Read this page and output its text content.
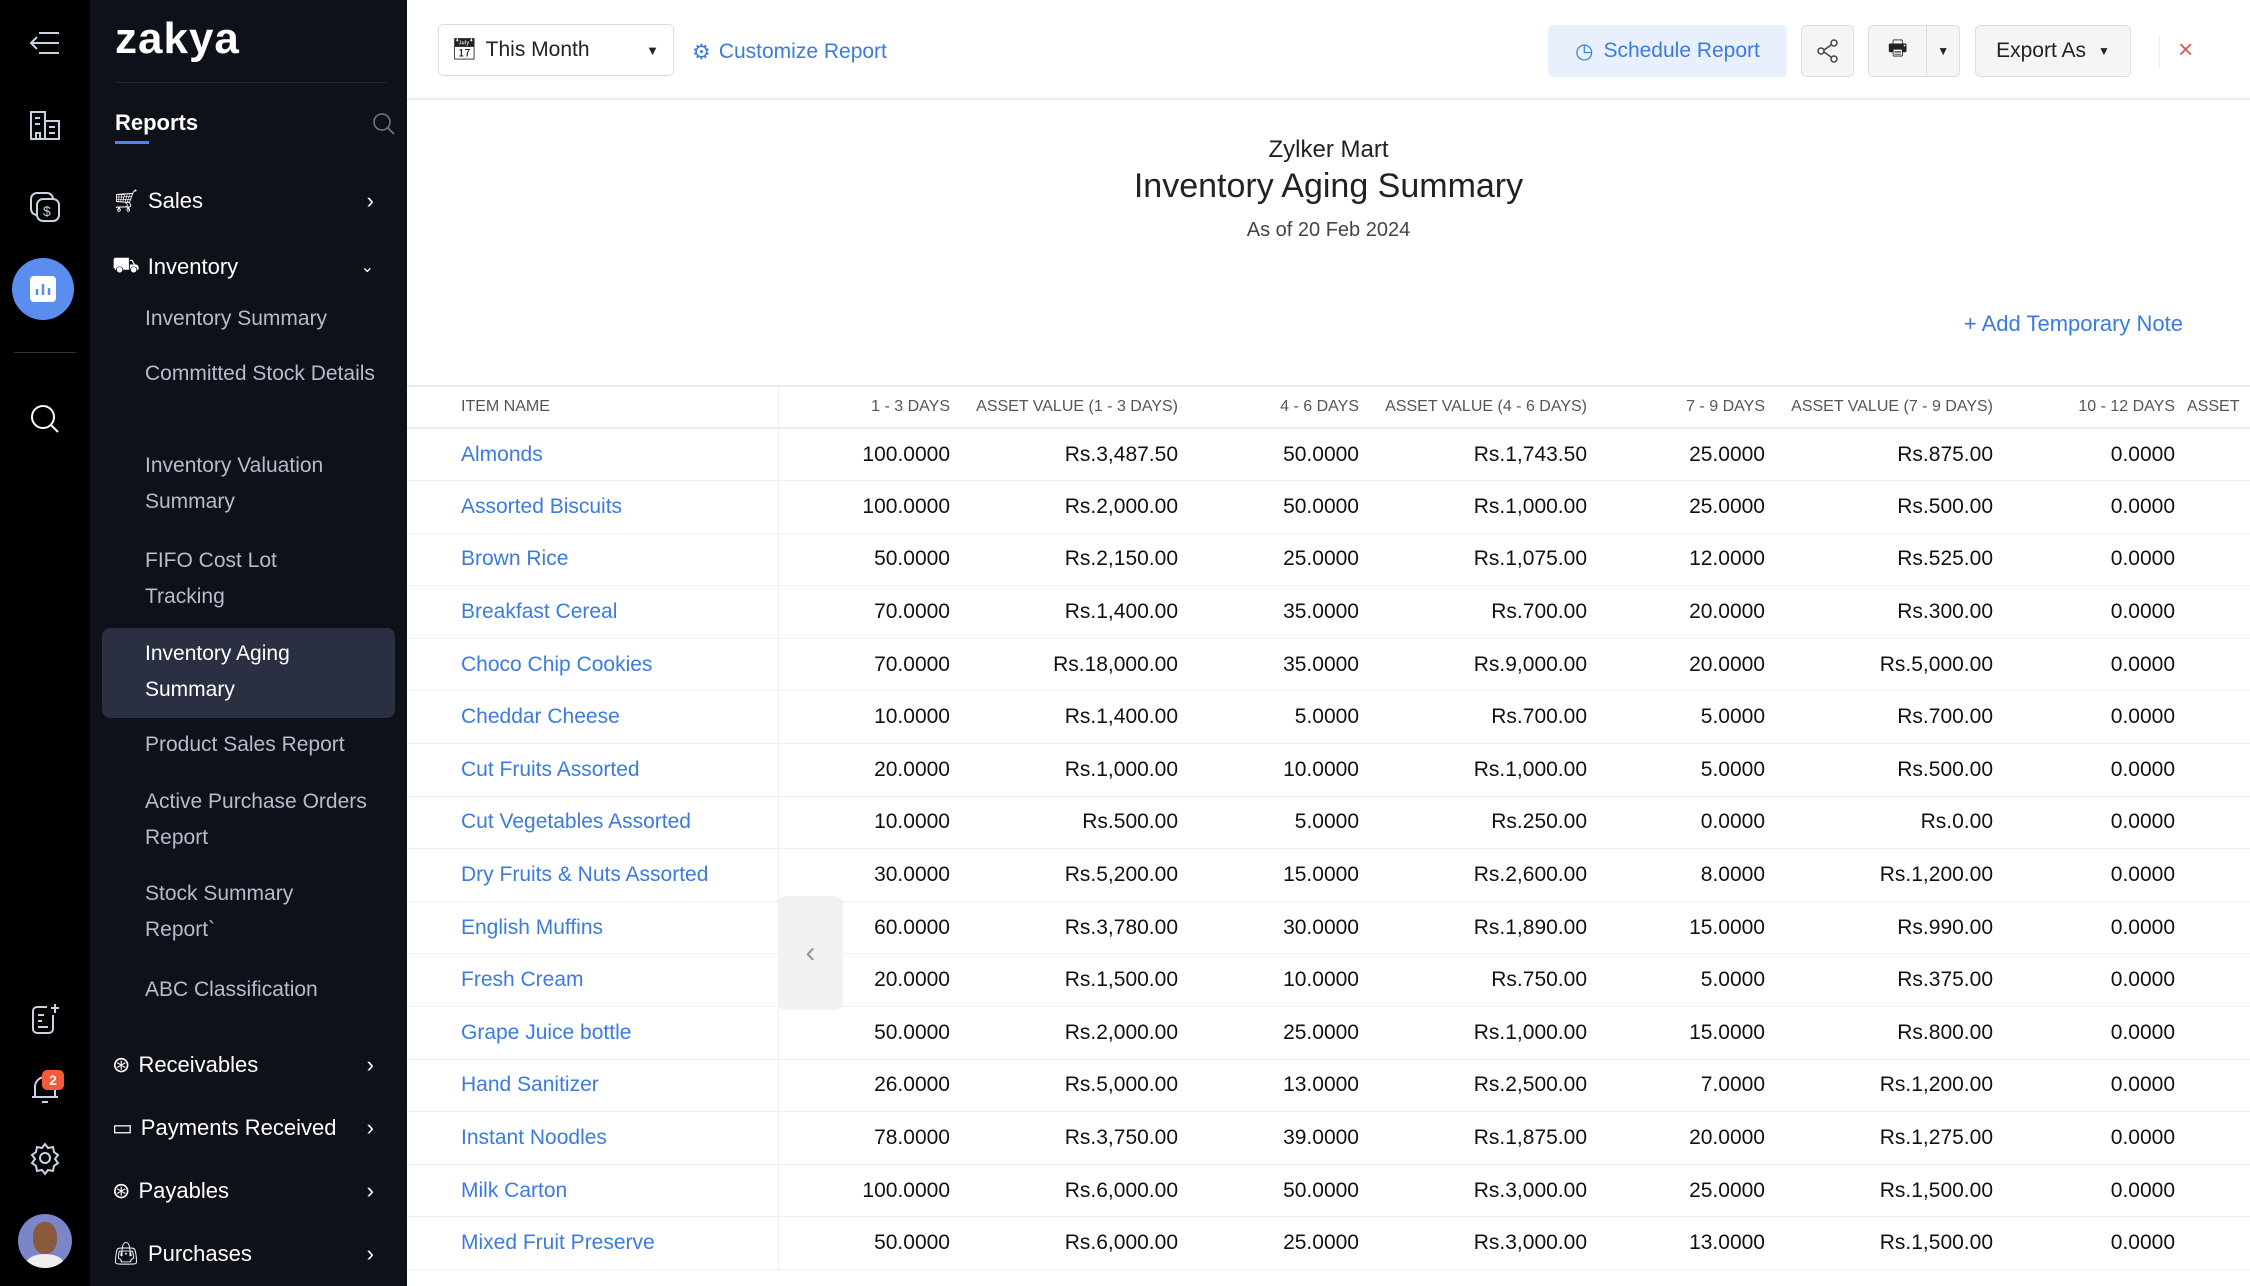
$
2
zakya
Reports
🛒︎ Sales	›
⛟ Inventory	⌄
Inventory Summary
Committed Stock Details
Inventory Valuation Summary
FIFO Cost Lot Tracking
Inventory Aging Summary
Product Sales Report
Active Purchase Orders Report
Stock Summary Report`
ABC Classification
⊛ Receivables	›
▭ Payments Received ›
⊛ Payables	›
👜︎ Purchases	›
📅︎ This Month	▼ ⚙ Customize Report	◷ Schedule Report	🖶	▼	Export As ▼	×
Zylker Mart
Inventory Aging Summary
As of 20 Feb 2024
+ Add Temporary Note
ITEM NAME	1 - 3 DAYS	ASSET VALUE (1 - 3 DAYS)	4 - 6 DAYS	ASSET VALUE (4 - 6 DAYS)	7 - 9 DAYS	ASSET VALUE (7 - 9 DAYS)	10 - 12 DAYS	ASSET
Almonds	100.0000	Rs.3,487.50	50.0000	Rs.1,743.50	25.0000	Rs.875.00	0.0000	
Assorted Biscuits	100.0000	Rs.2,000.00	50.0000	Rs.1,000.00	25.0000	Rs.500.00	0.0000	
Brown Rice	50.0000	Rs.2,150.00	25.0000	Rs.1,075.00	12.0000	Rs.525.00	0.0000	
Breakfast Cereal	70.0000	Rs.1,400.00	35.0000	Rs.700.00	20.0000	Rs.300.00	0.0000	
Choco Chip Cookies	70.0000	Rs.18,000.00	35.0000	Rs.9,000.00	20.0000	Rs.5,000.00	0.0000	
Cheddar Cheese	10.0000	Rs.1,400.00	5.0000	Rs.700.00	5.0000	Rs.700.00	0.0000	
Cut Fruits Assorted	20.0000	Rs.1,000.00	10.0000	Rs.1,000.00	5.0000	Rs.500.00	0.0000	
Cut Vegetables Assorted	10.0000	Rs.500.00	5.0000	Rs.250.00	0.0000	Rs.0.00	0.0000	
Dry Fruits & Nuts Assorted	30.0000	Rs.5,200.00	15.0000	Rs.2,600.00	8.0000	Rs.1,200.00	0.0000	
English Muffins	60.0000	Rs.3,780.00	30.0000	Rs.1,890.00	15.0000	Rs.990.00	0.0000	
Fresh Cream	20.0000	Rs.1,500.00	10.0000	Rs.750.00	5.0000	Rs.375.00	0.0000	
Grape Juice bottle	50.0000	Rs.2,000.00	25.0000	Rs.1,000.00	15.0000	Rs.800.00	0.0000	
Hand Sanitizer	26.0000	Rs.5,000.00	13.0000	Rs.2,500.00	7.0000	Rs.1,200.00	0.0000	
Instant Noodles	78.0000	Rs.3,750.00	39.0000	Rs.1,875.00	20.0000	Rs.1,275.00	0.0000	
Milk Carton	100.0000	Rs.6,000.00	50.0000	Rs.3,000.00	25.0000	Rs.1,500.00	0.0000	
Mixed Fruit Preserve	50.0000	Rs.6,000.00	25.0000	Rs.3,000.00	13.0000	Rs.1,500.00	0.0000	
‹
